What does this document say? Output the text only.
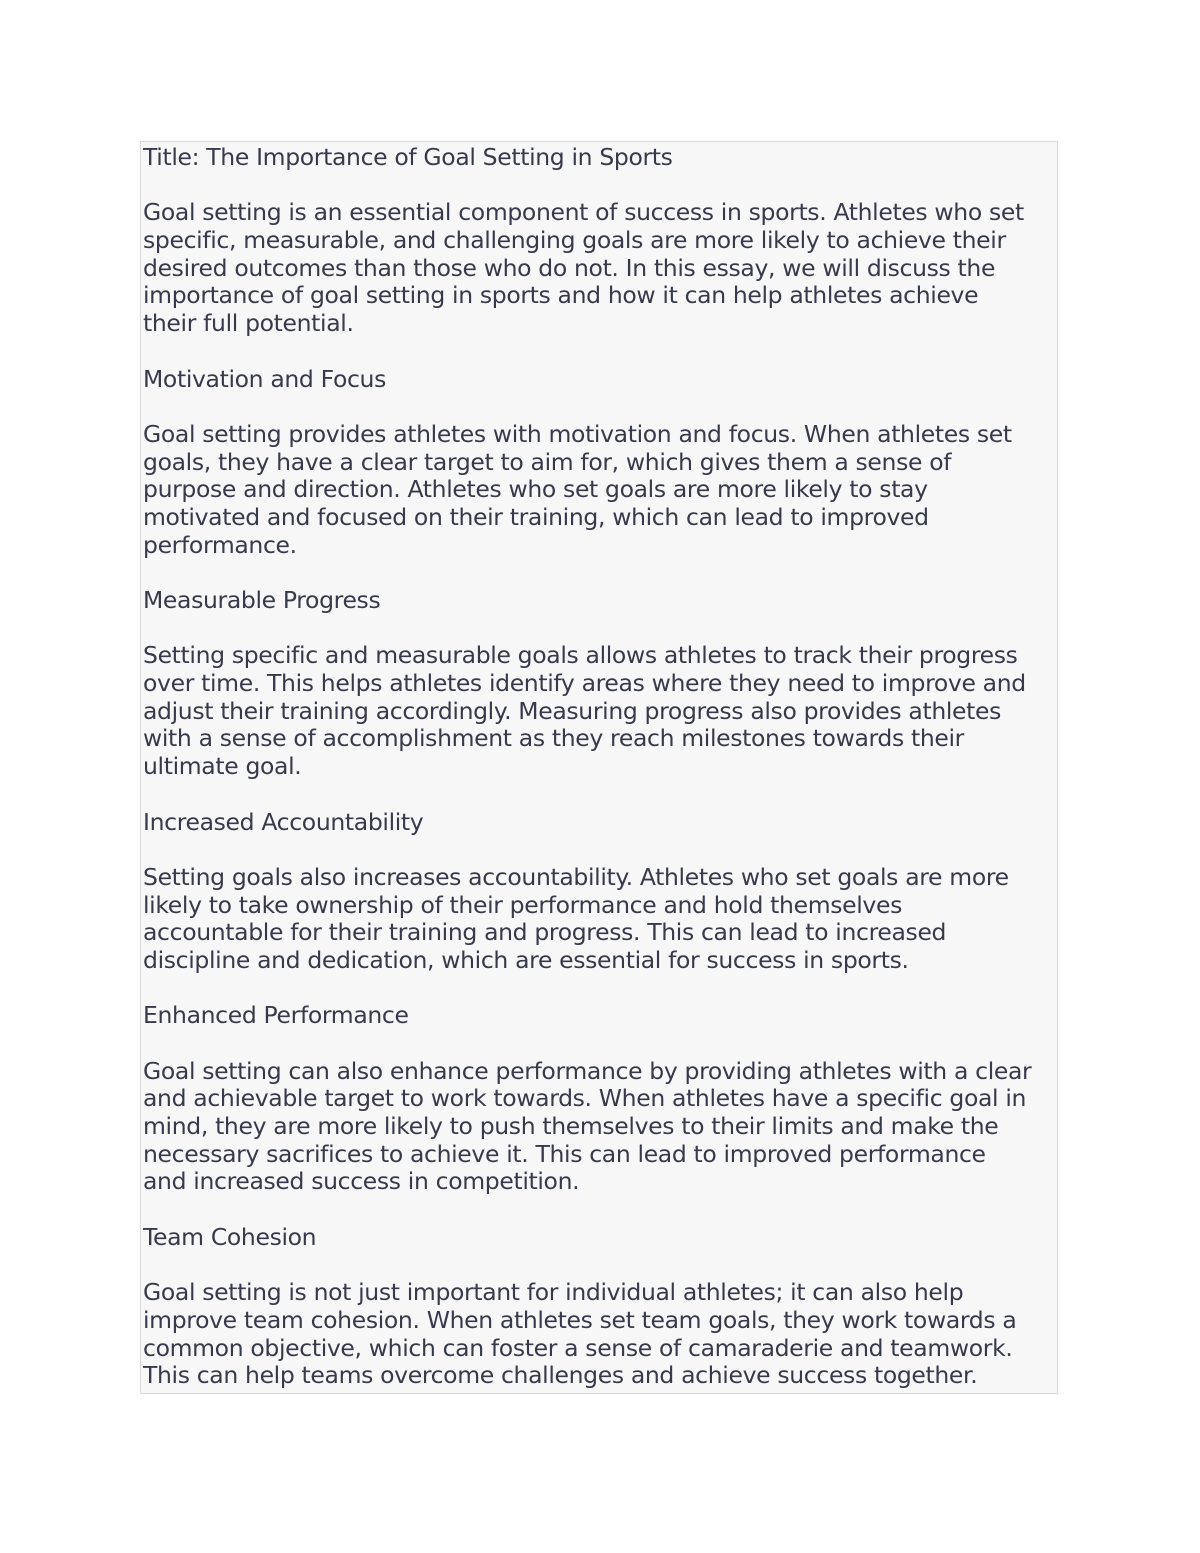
Title: The Importance of Goal Setting in Sports
Goal setting is an essential component of success in sports. Athletes who set
specific, measurable, and challenging goals are more likely to achieve their
desired outcomes than those who do not. In this essay, we will discuss the
importance of goal setting in sports and how it can help athletes achieve
their full potential.
Motivation and Focus
Goal setting provides athletes with motivation and focus. When athletes set
goals, they have a clear target to aim for, which gives them a sense of
purpose and direction. Athletes who set goals are more likely to stay
motivated and focused on their training, which can lead to improved
performance.
Measurable Progress
Setting specific and measurable goals allows athletes to track their progress
over time. This helps athletes identify areas where they need to improve and
adjust their training accordingly. Measuring progress also provides athletes
with a sense of accomplishment as they reach milestones towards their
ultimate goal.
Increased Accountability
Setting goals also increases accountability. Athletes who set goals are more
likely to take ownership of their performance and hold themselves
accountable for their training and progress. This can lead to increased
discipline and dedication, which are essential for success in sports.
Enhanced Performance
Goal setting can also enhance performance by providing athletes with a clear
and achievable target to work towards. When athletes have a specific goal in
mind, they are more likely to push themselves to their limits and make the
necessary sacrifices to achieve it. This can lead to improved performance
and increased success in competition.
Team Cohesion
Goal setting is not just important for individual athletes; it can also help
improve team cohesion. When athletes set team goals, they work towards a
common objective, which can foster a sense of camaraderie and teamwork.
This can help teams overcome challenges and achieve success together.
